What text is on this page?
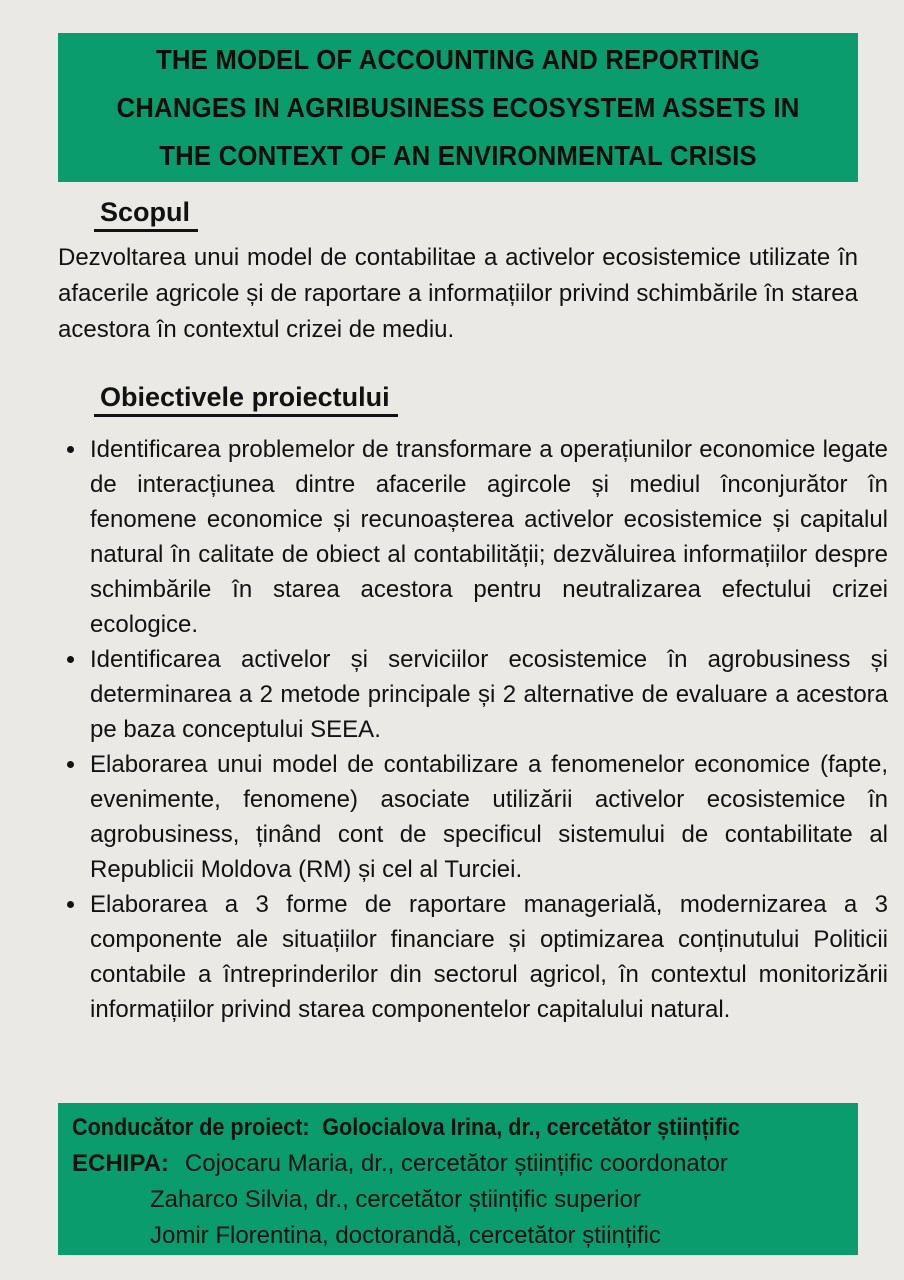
THE MODEL OF ACCOUNTING AND REPORTING
CHANGES IN AGRIBUSINESS ECOSYSTEM ASSETS IN
THE CONTEXT OF AN ENVIRONMENTAL CRISIS
Scopul

Dezvoltarea unui model de contabilitae a activelor ecosistemice utilizate în afacerile agricole și de raportare a informațiilor privind schimbările în starea acestora în contextul crizei de mediu.

Obiectivele proiectului
• Identificarea problemelor de transformare a operațiunilor economice legate de interacțiunea dintre afacerile agircole și mediul înconjurător în fenomene economice și recunoașterea activelor ecosistemice și capitalul natural în calitate de obiect al contabilității; dezvăluirea informațiilor despre schimbările în starea acestora pentru neutralizarea efectului crizei ecologice.
• Identificarea activelor și serviciilor ecosistemice în agrobusiness și determinarea a 2 metode principale și 2 alternative de evaluare a acestora pe baza conceptului SEEA.
• Elaborarea unui model de contabilizare a fenomenelor economice (fapte, evenimente, fenomene) asociate utilizării activelor ecosistemice în agrobusiness, ținând cont de specificul sistemului de contabilitate al Republicii Moldova (RM) și cel al Turciei.
• Elaborarea a 3 forme de raportare managerială, modernizarea a 3 componente ale situațiilor financiare și optimizarea conținutului Politicii contabile a întreprinderilor din sectorul agricol, în contextul monitorizării informațiilor privind starea componentelor capitalului natural.
Conducător de proiect: Golocialova Irina, dr., cercetător științific
ECHIPA: Cojocaru Maria, dr., cercetător științific coordonator
Zaharco Silvia, dr., cercetător științific superior
Jomir Florentina, doctorandă, cercetător științific
